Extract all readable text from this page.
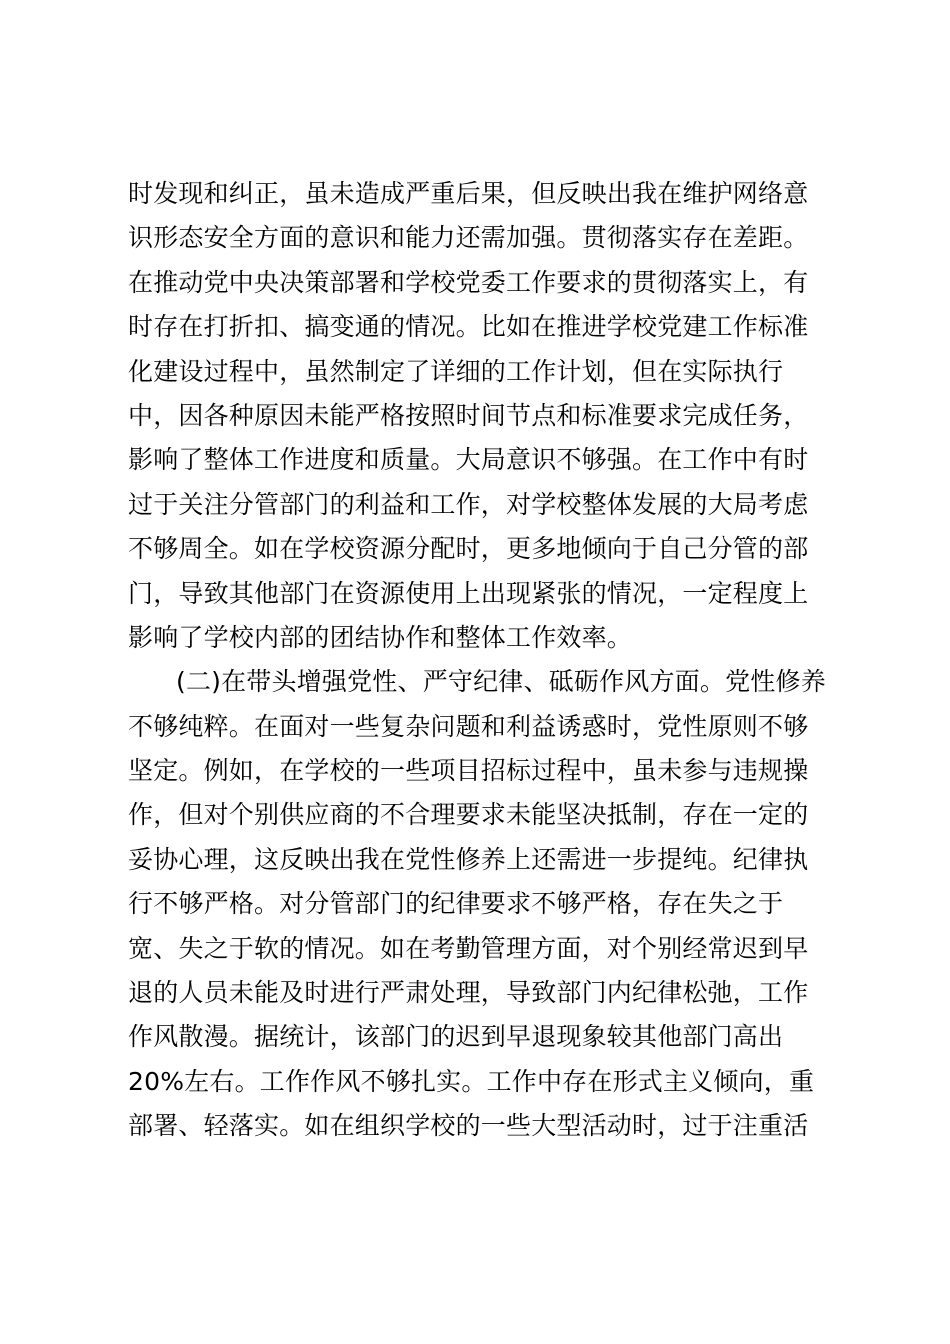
时发现和纠正，虽未造成严重后果，但反映出我在维护网络意
识形态安全方面的意识和能力还需加强。贯彻落实存在差距。
在推动党中央决策部署和学校党委工作要求的贯彻落实上，有
时存在打折扣、搞变通的情况。比如在推进学校党建工作标准
化建设过程中，虽然制定了详细的工作计划，但在实际执行
中，因各种原因未能严格按照时间节点和标准要求完成任务，
影响了整体工作进度和质量。大局意识不够强。在工作中有时
过于关注分管部门的利益和工作，对学校整体发展的大局考虑
不够周全。如在学校资源分配时，更多地倾向于自己分管的部
门，导致其他部门在资源使用上出现紧张的情况，一定程度上
影响了学校内部的团结协作和整体工作效率。
(二)在带头增强党性、严守纪律、砥砺作风方面。党性修养
不够纯粹。在面对一些复杂问题和利益诱惑时，党性原则不够
坚定。例如，在学校的一些项目招标过程中，虽未参与违规操
作，但对个别供应商的不合理要求未能坚决抵制，存在一定的
妥协心理，这反映出我在党性修养上还需进一步提纯。纪律执
行不够严格。对分管部门的纪律要求不够严格，存在失之于
宽、失之于软的情况。如在考勤管理方面，对个别经常迟到早
退的人员未能及时进行严肃处理，导致部门内纪律松弛，工作
作风散漫。据统计，该部门的迟到早退现象较其他部门高出
20%左右。工作作风不够扎实。工作中存在形式主义倾向，重
部署、轻落实。如在组织学校的一些大型活动时，过于注重活
